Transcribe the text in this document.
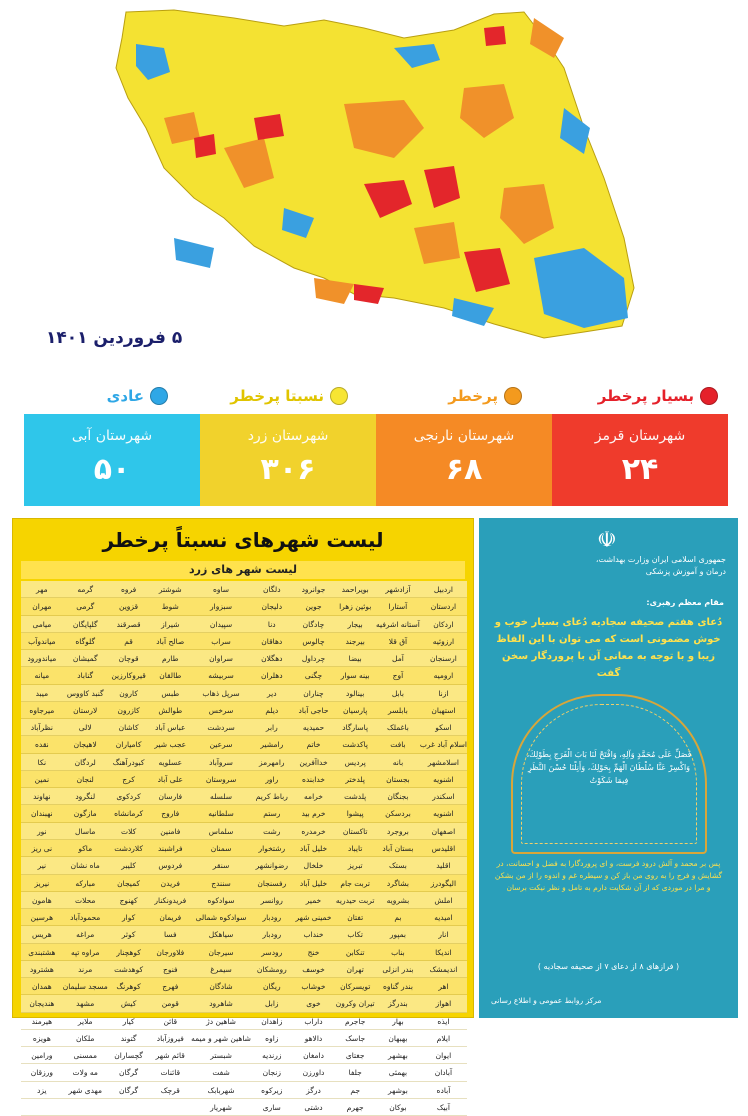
۵ فروردین ۱۴۰۱
بسیار پرخطر
پرخطر
نسبتا پرخطر
عادی
شهرستان آبی
۵۰
شهرستان زرد
۳۰۶
شهرستان نارنجی
۶۸
شهرستان قرمز
۲۴
لیست شهرهای نسبتاً پرخطر
لیست شهر های زرد
اردبیل
آزادشهر
بویراحمد
جوانرود
دلگان
ساوه
شوشتر
فروه
گرمه
مهر
اردستان
آستارا
بوئین زهرا
جوین
دلیجان
سبزوار
شوط
قزوین
گرمی
مهران
اردکان
آستانه اشرفیه
بیجار
چادگان
دنا
سپیدان
شیراز
قصرقند
گلپایگان
میامی
ارزوئیه
آق قلا
بیرجند
چالوس
دهاقان
سراب
صالح آباد
قم
گلوگاه
میاندوآب
ارسنجان
آمل
بیضا
چرداول
دهگلان
سراوان
طارم
قوچان
گمیشان
میاندورود
ارومیه
آوج
بینه سوار
چگنی
دهلران
سربیشه
طالقان
قیروکارزین
گناباد
میانه
ازنا
بابل
بینالود
چناران
دیر
سرپل ذهاب
طبس
کارون
گنبد کاووس
میبد
استهبان
بابلسر
پارسیان
حاجی آباد
دیلم
سرخس
طوالش
کازرون
لارستان
میرجاوه
اسکو
باغملک
پاسارگاد
حمیدیه
رابر
سردشت
عباس آباد
کاشان
لالی
نظرآباد
اسلام آباد غرب
بافت
پاکدشت
خاتم
رامشیر
سرعین
عجب شیر
کامیاران
لاهیجان
نقده
اسلامشهر
بانه
پردیس
خداآفرین
رامهرمز
سروآباد
عسلویه
کبودرآهنگ
لردگان
نکا
اشنویه
بجستان
پلدختر
خدابنده
راور
سروستان
علی آباد
کرج
لنجان
نمین
اسکندر
بجنگان
پلدشت
خرامه
رباط کریم
سلسله
فارسان
کردکوی
لنگرود
نهاوند
اشنویه
بردسکن
پیشوا
خرم بید
رستم
سلطانیه
فاروج
کرمانشاه
مازگون
نهبندان
اصفهان
بروجرد
تاکستان
خرمدره
رشت
سلماس
فامنین
کلات
ماسال
نور
اقلیدس
بستان آباد
تایباد
خلیل آباد
رشتخوار
سمنان
فراشبند
کلاردشت
ماکو
نی ریز
اقلید
بستک
تبریز
خلخال
رضوانشهر
سنقر
فردوس
کلیبر
ماه نشان
نیر
الیگودرز
بشاگرد
تربت جام
خلیل آباد
رفسنجان
سنندج
فریدن
کمیجان
مبارکه
نیریز
املش
بشرویه
تربت حیدریه
خمیر
روانسر
سوادکوه
فریدونکنار
کهنوج
محلات
هامون
امیدیه
بم
تفتان
خمینی شهر
رودبار
سوادکوه شمالی
فریمان
کوار
محمودآباد
هرسین
انار
بمپور
تکاب
خنداب
رودبار
سیاهکل
فسا
کوثر
مراغه
هریس
اندیکا
بناب
تنکابن
خنج
رودسر
سیرجان
فلاورجان
کوهچنار
مراوه تپه
هشتبندی
اندیمشک
بندر انزلی
تهران
خوسف
رومشکان
سیمرغ
فنوج
کوهدشت
مرند
هشترود
اهر
بندر گناوه
تویسرکان
خوشاب
ریگان
شادگان
فهرج
کوهرنگ
مسجد سلیمان
همدان
اهواز
بندرگز
تیران وکرون
خوی
زابل
شاهرود
قومن
کیش
مشهد
هندیجان
ایذه
بهار
جاجرم
داراب
زاهدان
شاهین دژ
قائن
کیار
ملایر
هیرمند
ایلام
بهبهان
جاسک
دالاهو
زاوه
شاهین شهر و میمه
فیروزآباد
گتوند
ملکان
هویزه
ایوان
بهشهر
جغتای
دامغان
زرندیه
شبستر
قائم شهر
گچساران
ممسنی
ورامین
آبادان
بهمئی
جلفا
داورزن
زنجان
شفت
قائنات
گرگان
مه ولات
ورزقان
آباده
بوشهر
جم
درگز
زیرکوه
شهربابک
قرچک
گرگان
مهدی شهر
یزد
آبیک
بوکان
جهرم
دشتی
ساری
شهریار
☫
جمهوری اسلامی ایران وزارت بهداشت، درمان و آموزش پزشکی
مقام معظم رهبری:
دُعای هفتم صحیفه سجادیه دُعای بسیار خوب و خوش مضمونی است که می توان با این الفاظ زیبا و با توجه به معانی آن با پروردگار سخن گفت
فَصَلِّ عَلَى مُحَمَّدٍ وَآلِهِ، وَافْتَحْ لَنَا بَابَ الْفَرَجِ بِطَوْلِكَ، وَاكْسِرْ عَنَّا سُلْطَانَ الْهَمِّ بِحَوْلِكَ، وَأَنِلْنَا حُسْنَ النَّظَرِ فِيمَا شَكَوْتُ
پس بر محمد و آلش درود فرست، و ای پروردگارا به فضل و احسانت، در گشایش و فرج را به روی من باز کن و سیطره غم و اندوه را از من بشکن و مرا در موردی که از آن شکایت دارم به تامل و نظر نیکت برسان
( فرازهای ۸ از دعای ۷ از صحیفه سجادیه )
مرکز روابط عمومی و اطلاع رسانی
